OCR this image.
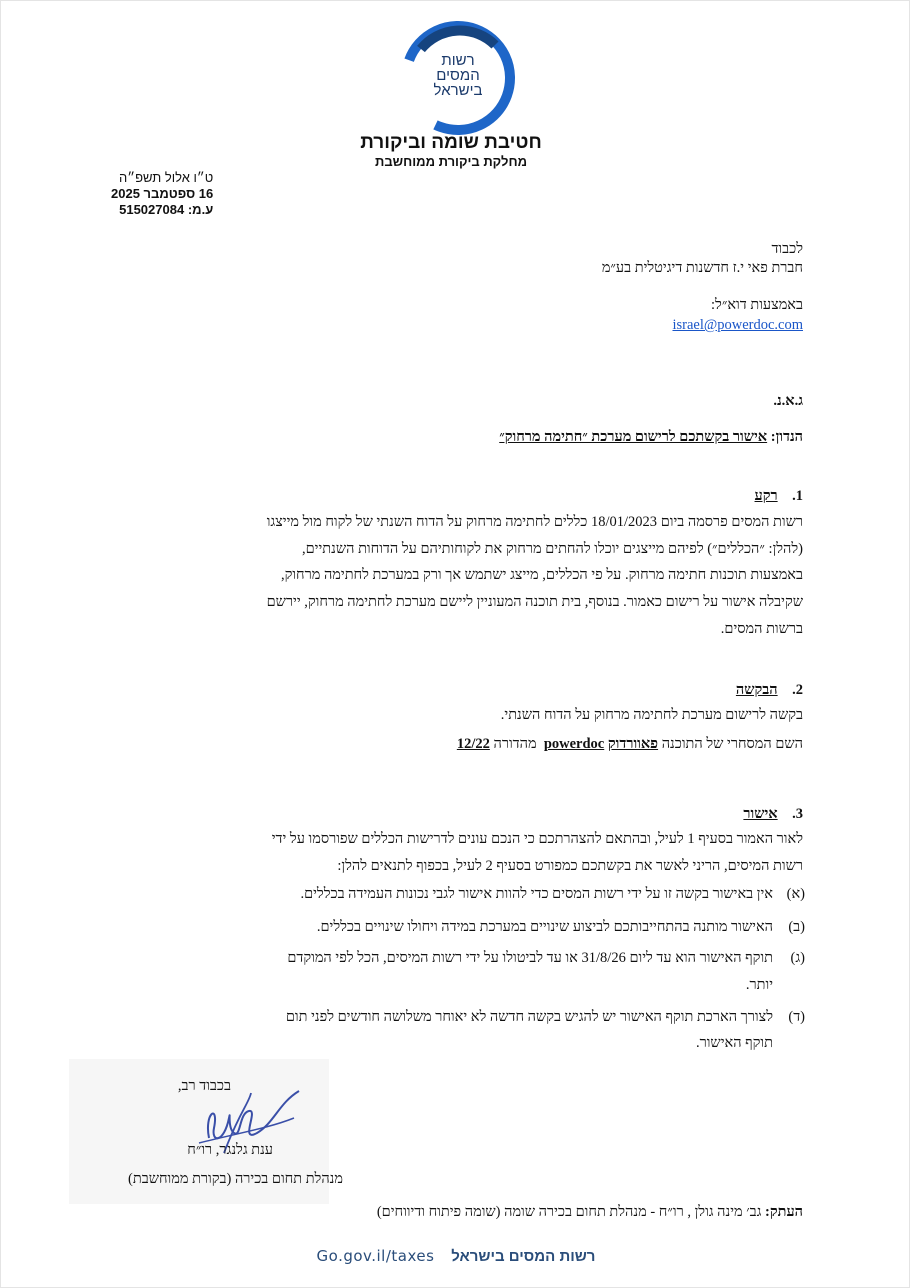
רשות
המסים
בישראל
חטיבת שומה וביקורת
מחלקת ביקורת ממוחשבת
ט״ו אלול תשפ״ה
16 ספטמבר 2025
ע.מ: 515027084
לכבוד
חברת פאי י.ז חדשנות דיגיטלית בע״מ
באמצעות דוא״ל:
israel@powerdoc.com
ג.א.נ.
הנדון: אישור בקשתכם לרישום מערכת ״חתימה מרחוק״
1.    רקע
רשות המסים פרסמה ביום 18/01/2023 כללים לחתימה מרחוק על הדוח השנתי של לקוח מול מייצגו
(להלן: ״הכללים״) לפיהם מייצגים יוכלו להחתים מרחוק את לקוחותיהם על הדוחות השנתיים,
באמצעות תוכנות חתימה מרחוק. על פי הכללים, מייצג ישתמש אך ורק במערכת לחתימה מרחוק,
שקיבלה אישור על רישום כאמור. בנוסף, בית תוכנה המעוניין ליישם מערכת לחתימה מרחוק, יירשם
ברשות המסים.
2.    הבקשה
בקשה לרישום מערכת לחתימה מרחוק על הדוח השנתי.
השם המסחרי של התוכנה פאוורדוק powerdoc  מהדורה 12/22
3.    אישור
לאור האמור בסעיף 1 לעיל, ובהתאם להצהרתכם כי הנכם עונים לדרישות הכללים שפורסמו על ידי
רשות המיסים, הריני לאשר את בקשתכם כמפורט בסעיף 2 לעיל, בכפוף לתנאים להלן:
(א)
אין באישור בקשה זו על ידי רשות המסים כדי להוות אישור לגבי נכונות העמידה בכללים.
(ב)
האישור מותנה בהתחייבותכם לביצוע שינויים במערכת במידה ויחולו שינויים בכללים.
(ג)
תוקף האישור הוא עד ליום 31/8/26 או עד לביטולו על ידי רשות המיסים, הכל לפי המוקדם
יותר.
(ד)
לצורך הארכת תוקף האישור יש להגיש בקשה חדשה לא יאוחר משלושה חודשים לפני תום
תוקף האישור.
בכבוד רב,
ענת גלנגר, רו״ח
מנהלת תחום בכירה (בקורת ממוחשבת)
העתק: גב׳ מינה גולן , רו״ח - מנהלת תחום בכירה שומה (שומה פיתוח ודיווחים)
Go.gov.il/taxes רשות המסים בישראל
